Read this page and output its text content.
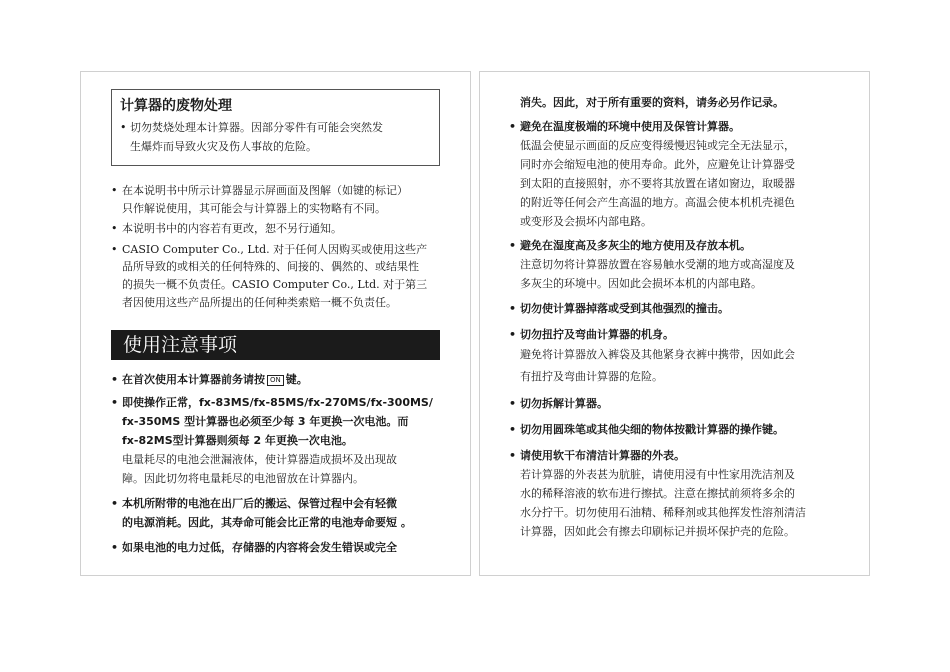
计算器的废物处理
• 切勿焚烧处理本计算器。因部分零件有可能会突然发
生爆炸而导致火灾及伤人事故的危险。
• 在本说明书中所示计算器显示屏画面及图解（如键的标记）
只作解说使用，其可能会与计算器上的实物略有不同。
• 本说明书中的内容若有更改，恕不另行通知。
• CASIO Computer Co., Ltd. 对于任何人因购买或使用这些产
品所导致的或相关的任何特殊的、间接的、偶然的、或结果性
的损失一概不负责任。CASIO Computer Co., Ltd. 对于第三
者因使用这些产品所提出的任何种类索赔一概不负责任。
使用注意事项
• 在首次使用本计算器前务请按 ON 键。
• 即使操作正常，fx-83MS/fx-85MS/fx-270MS/fx-300MS/
fx-350MS 型计算器也必须至少每 3 年更换一次电池。而
fx-82MS型计算器则须每 2 年更换一次电池。
电量耗尽的电池会泄漏液体，使计算器造成损坏及出现故
障。因此切勿将电量耗尽的电池留放在计算器内。
• 本机所附带的电池在出厂后的搬运、保管过程中会有轻微
的电源消耗。因此，其寿命可能会比正常的电池寿命要短 。
• 如果电池的电力过低，存储器的内容将会发生错误或完全
消失。因此，对于所有重要的资料，请务必另作记录。
• 避免在温度极端的环境中使用及保管计算器。
低温会使显示画面的反应变得缓慢迟钝或完全无法显示，
同时亦会缩短电池的使用寿命。此外，应避免让计算器受
到太阳的直接照射，亦不要将其放置在诸如窗边，取暖器
的附近等任何会产生高温的地方。高温会使本机机壳褪色
或变形及会损坏内部电路。
• 避免在湿度高及多灰尘的地方使用及存放本机。
注意切勿将计算器放置在容易触水受潮的地方或高湿度及
多灰尘的环境中。因如此会损坏本机的内部电路。
• 切勿使计算器掉落或受到其他强烈的撞击。
• 切勿扭拧及弯曲计算器的机身。
避免将计算器放入裤袋及其他紧身衣裤中携带，因如此会
有扭拧及弯曲计算器的危险。
• 切勿拆解计算器。
• 切勿用圆珠笔或其他尖细的物体按戳计算器的操作键。
• 请使用软干布清洁计算器的外表。
若计算器的外表甚为肮脏，请使用浸有中性家用洗洁剂及
水的稀释溶液的软布进行擦拭。注意在擦拭前须将多余的
水分拧干。切勿使用石油精、稀释剂或其他挥发性溶剂清洁
计算器，因如此会有擦去印刷标记并损坏保护壳的危险。
